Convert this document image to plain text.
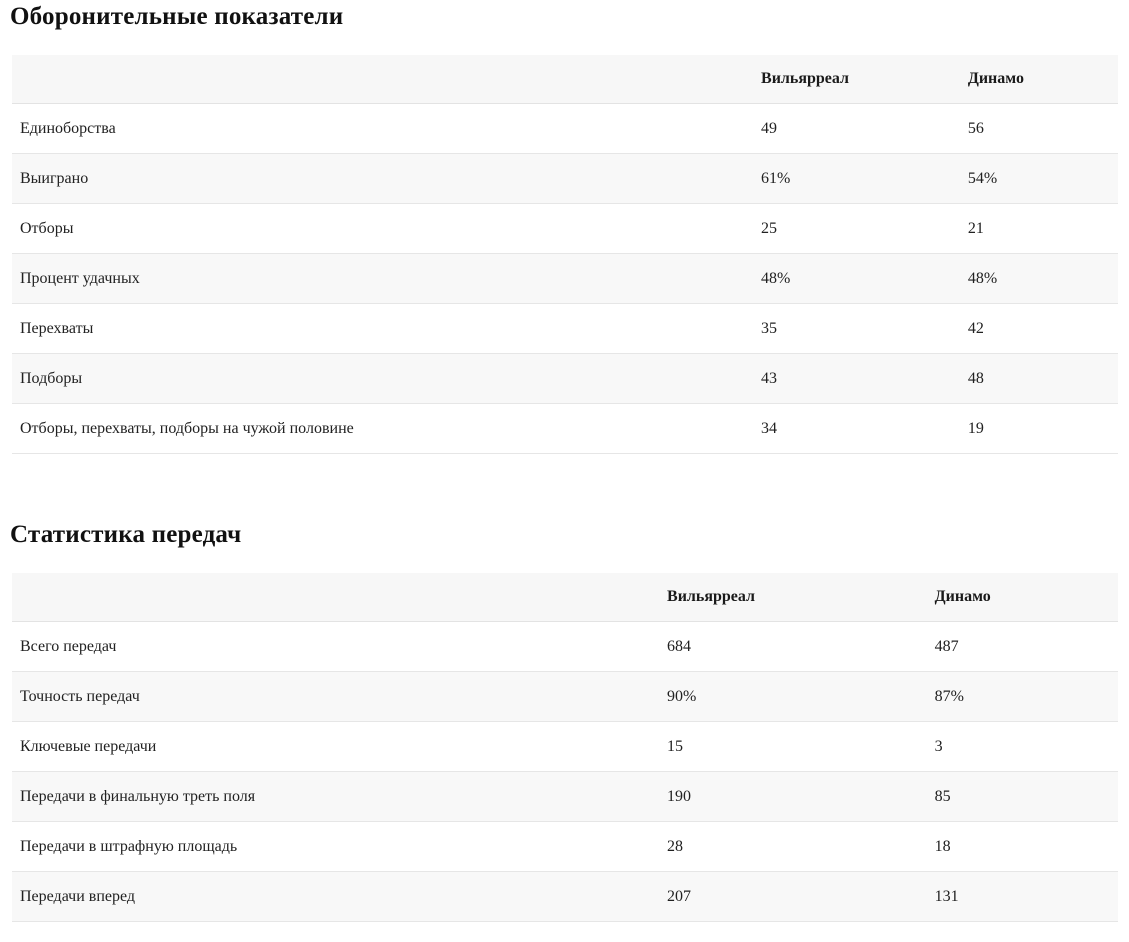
Оборонительные показатели
	Вильярреал	Динамо
Единоборства	49	56
Выиграно	61%	54%
Отборы	25	21
Процент удачных	48%	48%
Перехваты	35	42
Подборы	43	48
Отборы, перехваты, подборы на чужой половине	34	19
Статистика передач
	Вильярреал	Динамо
Всего передач	684	487
Точность передач	90%	87%
Ключевые передачи	15	3
Передачи в финальную треть поля	190	85
Передачи в штрафную площадь	28	18
Передачи вперед	207	131
